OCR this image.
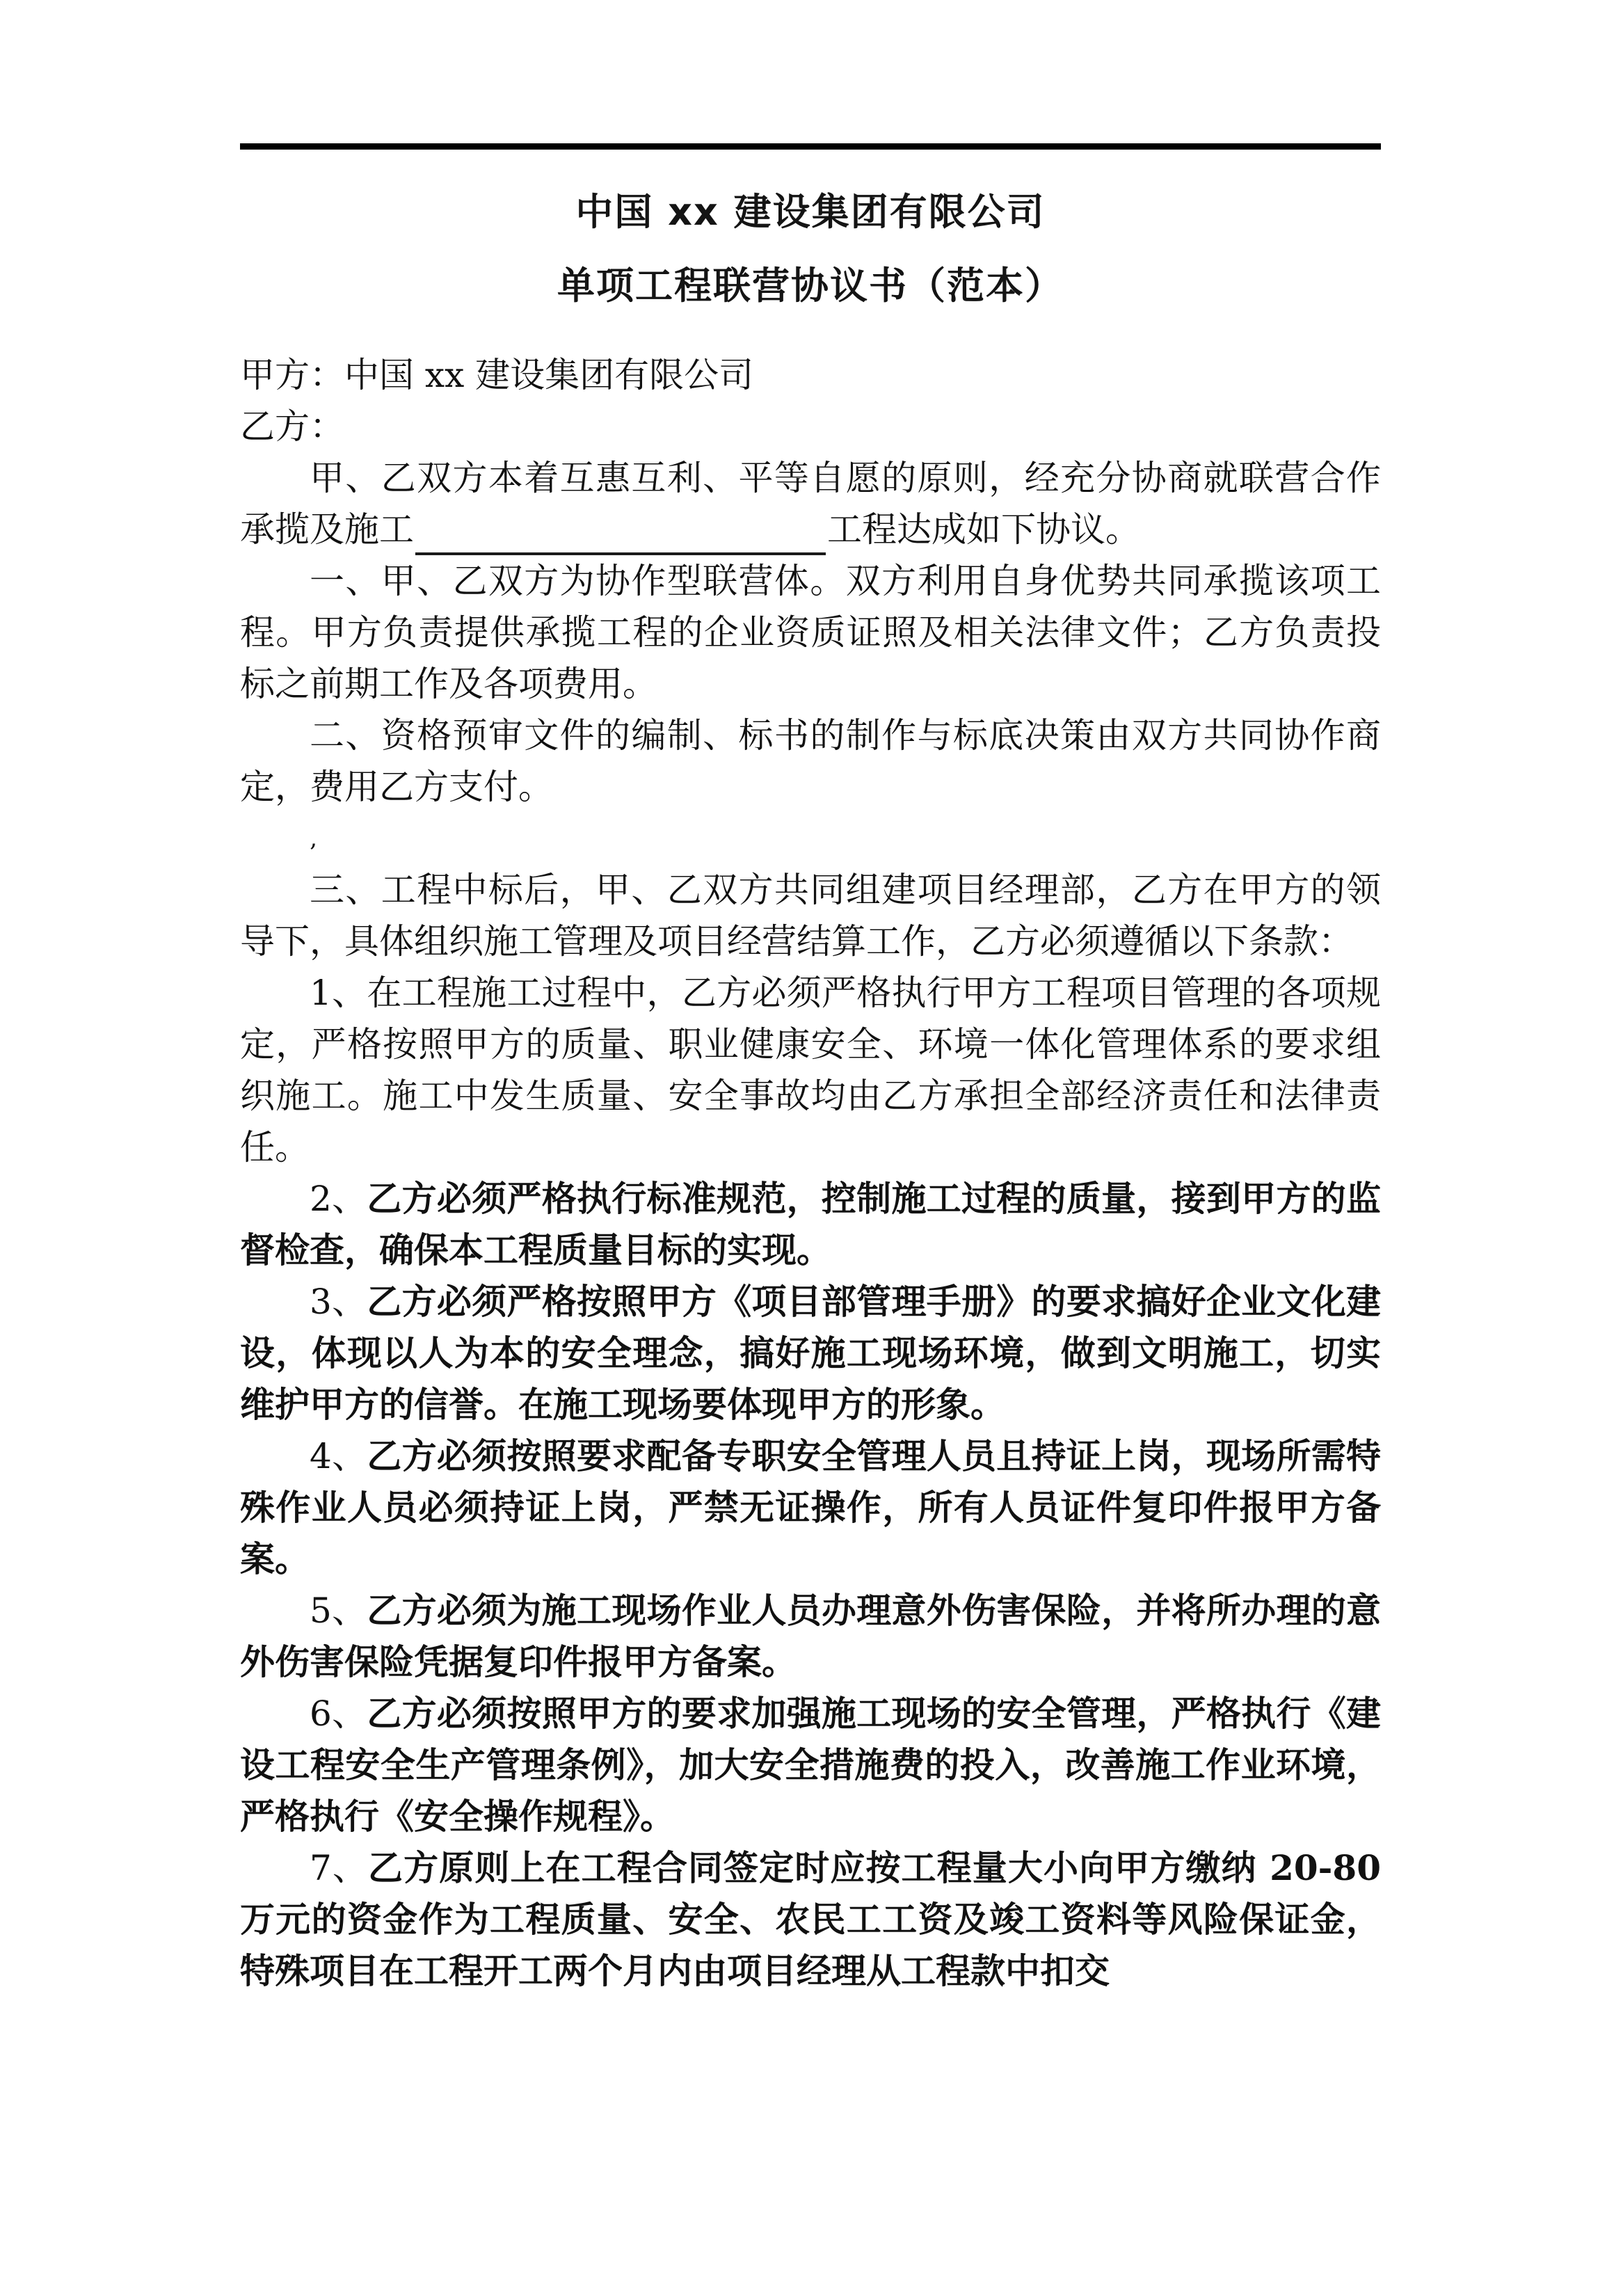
中国 xx 建设集团有限公司
单项工程联营协议书（范本）

甲方：中国 xx 建设集团有限公司

乙方：

甲、乙双方本着互惠互利、平等自愿的原则，经充分协商就联营合作承揽及施工	工程达成如下协议。

一、甲、乙双方为协作型联营体。双方利用自身优势共同承揽该项工程。甲方负责提供承揽工程的企业资质证照及相关法律文件；乙方负责投标之前期工作及各项费用。

二、资格预审文件的编制、标书的制作与标底决策由双方共同协作商定，费用乙方支付。

‚

三、工程中标后，甲、乙双方共同组建项目经理部，乙方在甲方的领导下，具体组织施工管理及项目经营结算工作，乙方必须遵循以下条款：

1、在工程施工过程中，乙方必须严格执行甲方工程项目管理的各项规定，严格按照甲方的质量、职业健康安全、环境一体化管理体系的要求组织施工。施工中发生质量、安全事故均由乙方承担全部经济责任和法律责任。

2、乙方必须严格执行标准规范，控制施工过程的质量，接到甲方的监督检查，确保本工程质量目标的实现。

3、乙方必须严格按照甲方《项目部管理手册》的要求搞好企业文化建设，体现以人为本的安全理念，搞好施工现场环境，做到文明施工，切实维护甲方的信誉。在施工现场要体现甲方的形象。

4、乙方必须按照要求配备专职安全管理人员且持证上岗，现场所需特殊作业人员必须持证上岗，严禁无证操作，所有人员证件复印件报甲方备案。

5、乙方必须为施工现场作业人员办理意外伤害保险，并将所办理的意外伤害保险凭据复印件报甲方备案。

6、乙方必须按照甲方的要求加强施工现场的安全管理，严格执行《建设工程安全生产管理条例》，加大安全措施费的投入，改善施工作业环境，严格执行《安全操作规程》。

7、乙方原则上在工程合同签定时应按工程量大小向甲方缴纳 20-80 万元的资金作为工程质量、安全、农民工工资及竣工资料等风险保证金，特殊项目在工程开工两个月内由项目经理从工程款中扣交
